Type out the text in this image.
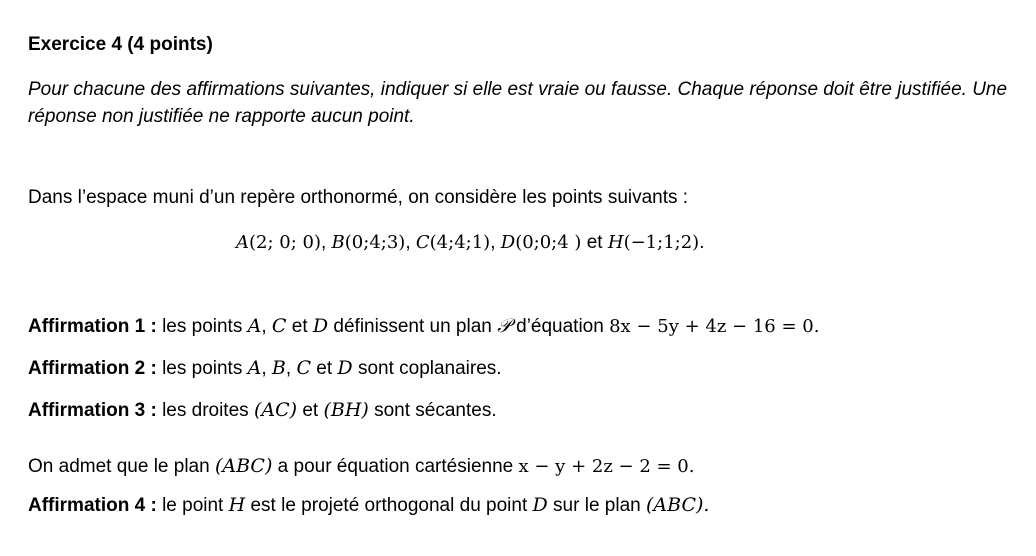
Exercice 4 (4 points)
Pour chacune des affirmations suivantes, indiquer si elle est vraie ou fausse. Chaque réponse doit être justifiée. Une réponse non justifiée ne rapporte aucun point.
Dans l’espace muni d’un repère orthonormé, on considère les points suivants :
A(2; 0; 0), B(0;4;3), C(4;4;1), D(0;0;4 ) et H(−1;1;2).
Affirmation 1 : les points A, C et D définissent un plan 𝒫 d’équation 8x − 5y + 4z − 16 = 0.
Affirmation 2 : les points A, B, C et D sont coplanaires.
Affirmation 3 : les droites (AC) et (BH) sont sécantes.
On admet que le plan (ABC) a pour équation cartésienne x − y + 2z − 2 = 0.
Affirmation 4 : le point H est le projeté orthogonal du point D sur le plan (ABC).
